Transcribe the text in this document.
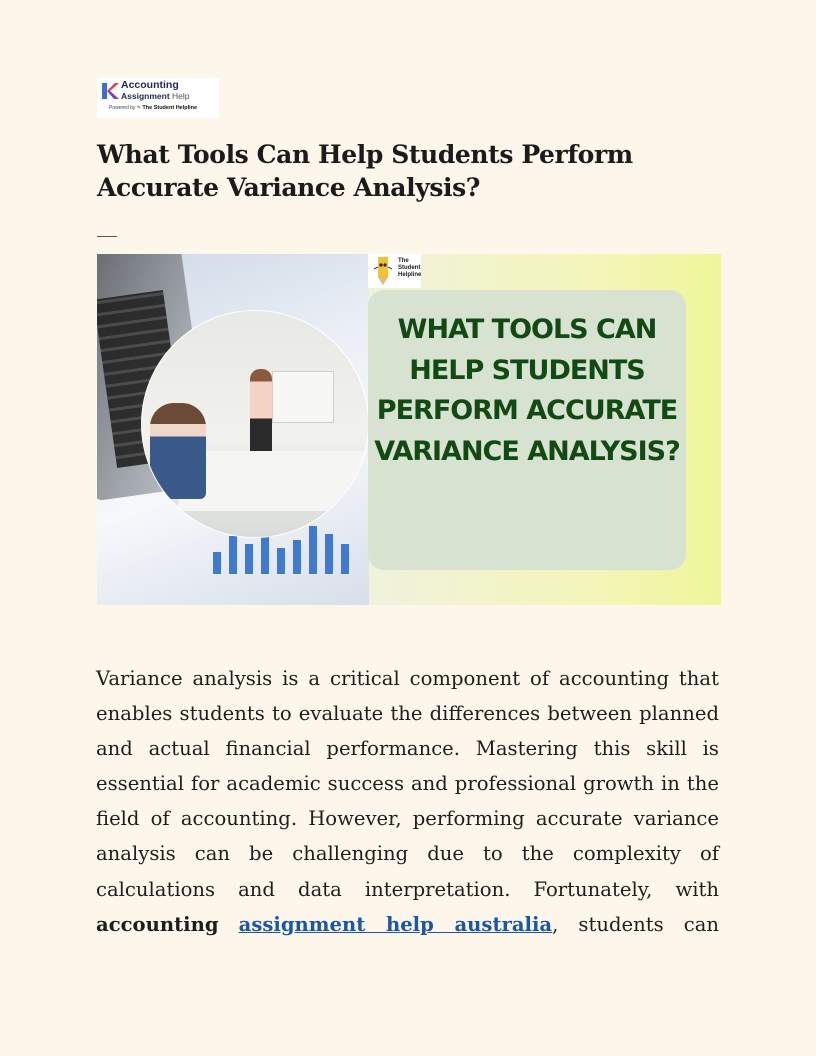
Accounting
Assignment Help
Powered by ✎ The Student Helpline
What Tools Can Help Students Perform Accurate Variance Analysis?
The Student Helpline
WHAT TOOLS CAN HELP STUDENTS PERFORM ACCURATE VARIANCE ANALYSIS?

Variance analysis is a critical component of accounting that enables students to evaluate the differences between planned and actual financial performance. Mastering this skill is essential for academic success and professional growth in the field of accounting. However, performing accurate variance analysis can be challenging due to the complexity of calculations and data interpretation. Fortunately, with accounting assignment help australia, students can
